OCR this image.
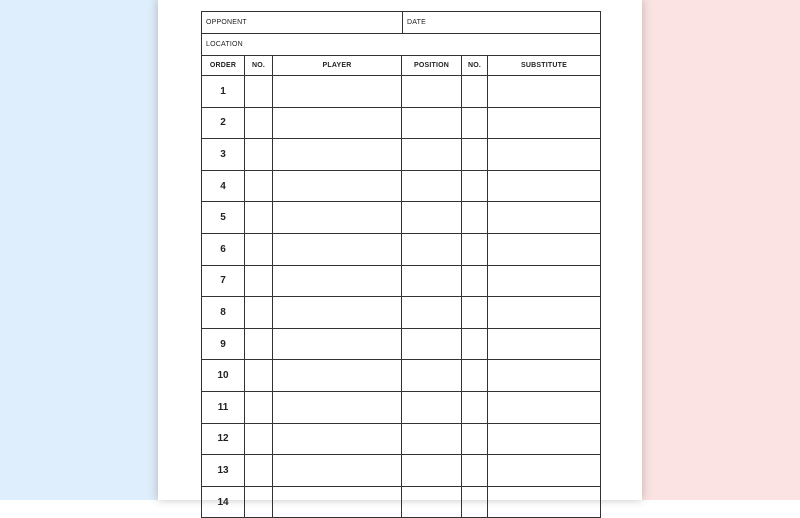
OPPONENT	DATE
LOCATION
ORDER	NO.	PLAYER	POSITION	NO.	SUBSTITUTE
1					
2					
3					
4					
5					
6					
7					
8					
9					
10					
11					
12					
13					
14					
